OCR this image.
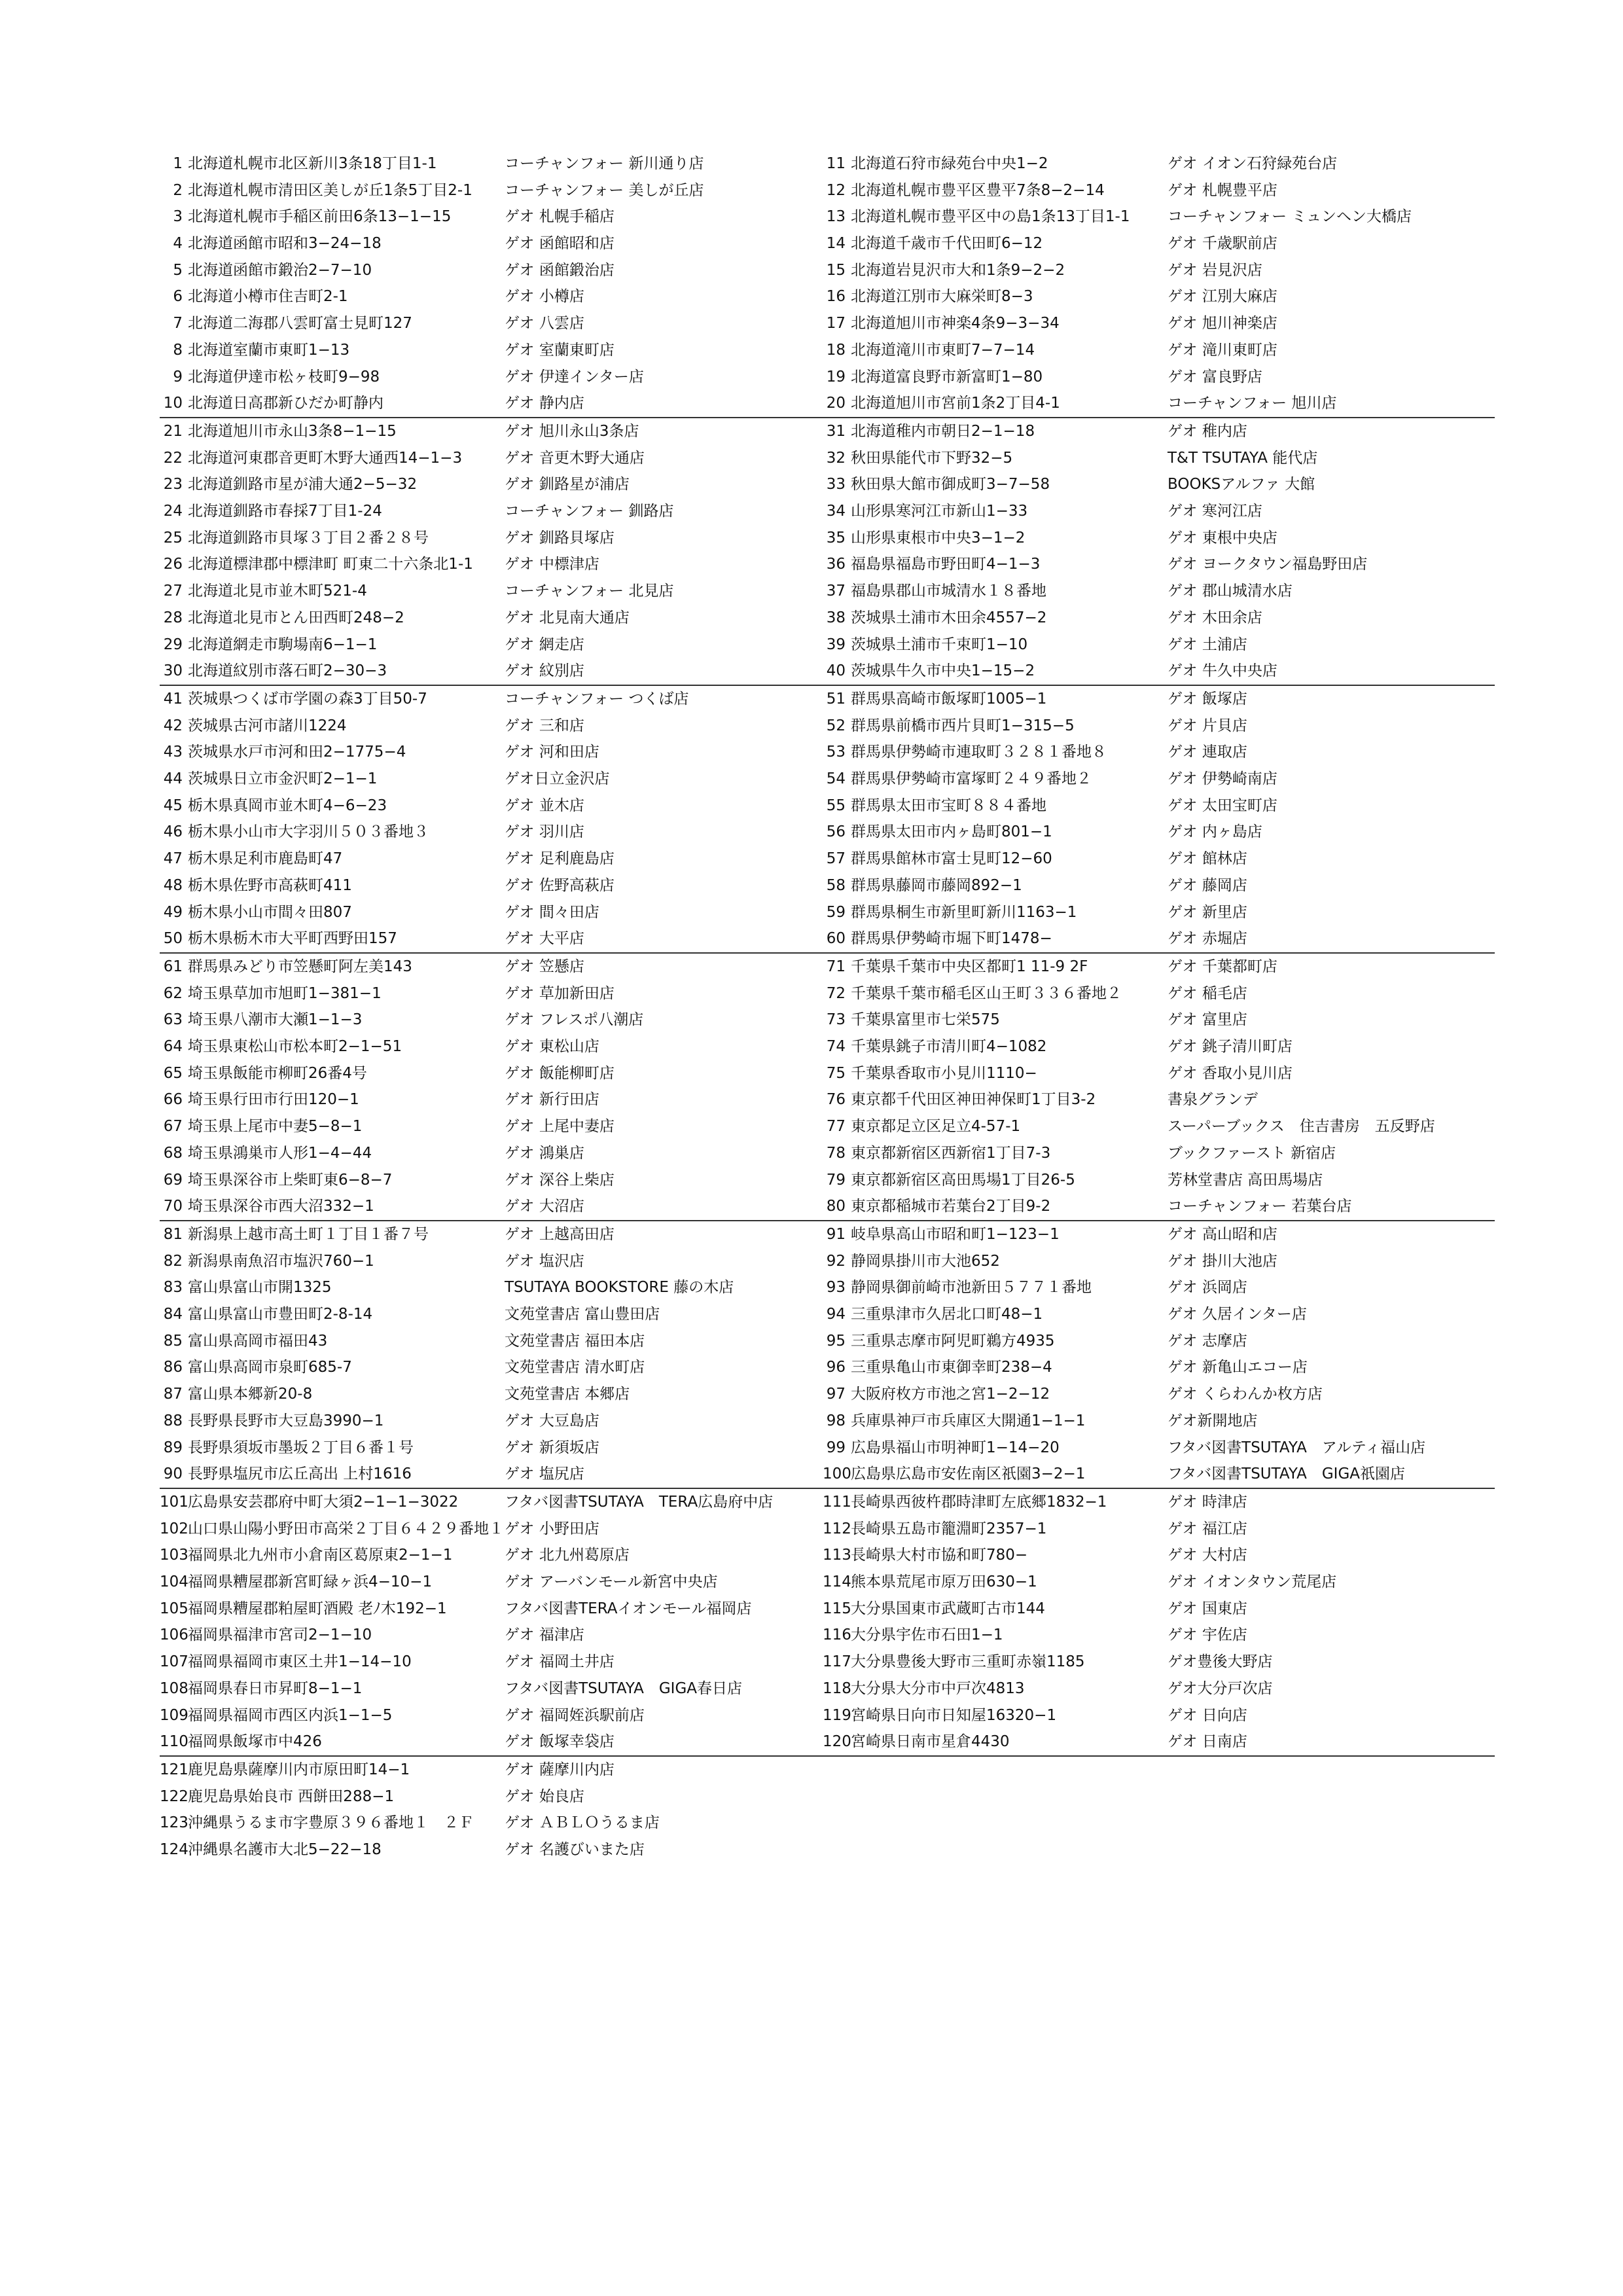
1 北海道札幌市北区新川3条18丁目1-1	コーチャンフォー 新川通り店
2 北海道札幌市清田区美しが丘1条5丁目2-1	コーチャンフォー 美しが丘店
3 北海道札幌市手稲区前田6条13−1−15	ゲオ 札幌手稲店
4 北海道函館市昭和3−24−18	ゲオ 函館昭和店
5 北海道函館市鍛治2−7−10	ゲオ 函館鍛治店
6 北海道小樽市住吉町2-1	ゲオ 小樽店
7 北海道二海郡八雲町富士見町127	ゲオ 八雲店
8 北海道室蘭市東町1−13	ゲオ 室蘭東町店
9 北海道伊達市松ヶ枝町9−98	ゲオ 伊達インター店
10 北海道日高郡新ひだか町静内	ゲオ 静内店
11 北海道石狩市緑苑台中央1−2	ゲオ イオン石狩緑苑台店
12 北海道札幌市豊平区豊平7条8−2−14	ゲオ 札幌豊平店
13 北海道札幌市豊平区中の島1条13丁目1-1	コーチャンフォー ミュンヘン大橋店
14 北海道千歳市千代田町6−12	ゲオ 千歳駅前店
15 北海道岩見沢市大和1条9−2−2	ゲオ 岩見沢店
16 北海道江別市大麻栄町8−3	ゲオ 江別大麻店
17 北海道旭川市神楽4条9−3−34	ゲオ 旭川神楽店
18 北海道滝川市東町7−7−14	ゲオ 滝川東町店
19 北海道富良野市新富町1−80	ゲオ 富良野店
20 北海道旭川市宮前1条2丁目4-1	コーチャンフォー 旭川店
21 北海道旭川市永山3条8−1−15	ゲオ 旭川永山3条店
22 北海道河東郡音更町木野大通西14−1−3	ゲオ 音更木野大通店
23 北海道釧路市星が浦大通2−5−32	ゲオ 釧路星が浦店
24 北海道釧路市春採7丁目1-24	コーチャンフォー 釧路店
25 北海道釧路市貝塚３丁目２番２８号	ゲオ 釧路貝塚店
26 北海道標津郡中標津町 町東二十六条北1-1	ゲオ 中標津店
27 北海道北見市並木町521-4	コーチャンフォー 北見店
28 北海道北見市とん田西町248−2	ゲオ 北見南大通店
29 北海道網走市駒場南6−1−1	ゲオ 網走店
30 北海道紋別市落石町2−30−3	ゲオ 紋別店
31 北海道稚内市朝日2−1−18	ゲオ 稚内店
32 秋田県能代市下野32−5	T&T TSUTAYA 能代店
33 秋田県大館市御成町3−7−58	BOOKSアルファ 大館
34 山形県寒河江市新山1−33	ゲオ 寒河江店
35 山形県東根市中央3−1−2	ゲオ 東根中央店
36 福島県福島市野田町4−1−3	ゲオ ヨークタウン福島野田店
37 福島県郡山市城清水１８番地	ゲオ 郡山城清水店
38 茨城県土浦市木田余4557−2	ゲオ 木田余店
39 茨城県土浦市千束町1−10	ゲオ 土浦店
40 茨城県牛久市中央1−15−2	ゲオ 牛久中央店
41 茨城県つくば市学園の森3丁目50-7	コーチャンフォー つくば店
42 茨城県古河市諸川1224	ゲオ 三和店
43 茨城県水戸市河和田2−1775−4	ゲオ 河和田店
44 茨城県日立市金沢町2−1−1	ゲオ日立金沢店
45 栃木県真岡市並木町4−6−23	ゲオ 並木店
46 栃木県小山市大字羽川５０３番地３	ゲオ 羽川店
47 栃木県足利市鹿島町47	ゲオ 足利鹿島店
48 栃木県佐野市高萩町411	ゲオ 佐野高萩店
49 栃木県小山市間々田807	ゲオ 間々田店
50 栃木県栃木市大平町西野田157	ゲオ 大平店
51 群馬県高崎市飯塚町1005−1	ゲオ 飯塚店
52 群馬県前橋市西片貝町1−315−5	ゲオ 片貝店
53 群馬県伊勢崎市連取町３２８１番地８	ゲオ 連取店
54 群馬県伊勢崎市富塚町２４９番地２	ゲオ 伊勢崎南店
55 群馬県太田市宝町８８４番地	ゲオ 太田宝町店
56 群馬県太田市内ヶ島町801−1	ゲオ 内ヶ島店
57 群馬県館林市富士見町12−60	ゲオ 館林店
58 群馬県藤岡市藤岡892−1	ゲオ 藤岡店
59 群馬県桐生市新里町新川1163−1	ゲオ 新里店
60 群馬県伊勢崎市堀下町1478−	ゲオ 赤堀店
61 群馬県みどり市笠懸町阿左美143	ゲオ 笠懸店
62 埼玉県草加市旭町1−381−1	ゲオ 草加新田店
63 埼玉県八潮市大瀬1−1−3	ゲオ フレスポ八潮店
64 埼玉県東松山市松本町2−1−51	ゲオ 東松山店
65 埼玉県飯能市柳町26番4号	ゲオ 飯能柳町店
66 埼玉県行田市行田120−1	ゲオ 新行田店
67 埼玉県上尾市中妻5−8−1	ゲオ 上尾中妻店
68 埼玉県鴻巣市人形1−4−44	ゲオ 鴻巣店
69 埼玉県深谷市上柴町東6−8−7	ゲオ 深谷上柴店
70 埼玉県深谷市西大沼332−1	ゲオ 大沼店
71 千葉県千葉市中央区都町1 11-9 2F	ゲオ 千葉都町店
72 千葉県千葉市稲毛区山王町３３６番地２	ゲオ 稲毛店
73 千葉県富里市七栄575	ゲオ 富里店
74 千葉県銚子市清川町4−1082	ゲオ 銚子清川町店
75 千葉県香取市小見川1110−	ゲオ 香取小見川店
76 東京都千代田区神田神保町1丁目3-2	書泉グランデ
77 東京都足立区足立4-57-1	スーパーブックス　住吉書房　五反野店
78 東京都新宿区西新宿1丁目7-3	ブックファースト 新宿店
79 東京都新宿区高田馬場1丁目26-5	芳林堂書店 高田馬場店
80 東京都稲城市若葉台2丁目9-2	コーチャンフォー 若葉台店
81 新潟県上越市高土町１丁目１番７号	ゲオ 上越高田店
82 新潟県南魚沼市塩沢760−1	ゲオ 塩沢店
83 富山県富山市開1325	TSUTAYA BOOKSTORE 藤の木店
84 富山県富山市豊田町2-8-14	文苑堂書店 富山豊田店
85 富山県高岡市福田43	文苑堂書店 福田本店
86 富山県高岡市泉町685-7	文苑堂書店 清水町店
87 富山県本郷新20-8	文苑堂書店 本郷店
88 長野県長野市大豆島3990−1	ゲオ 大豆島店
89 長野県須坂市墨坂２丁目６番１号	ゲオ 新須坂店
90 長野県塩尻市広丘高出 上村1616	ゲオ 塩尻店
91 岐阜県高山市昭和町1−123−1	ゲオ 高山昭和店
92 静岡県掛川市大池652	ゲオ 掛川大池店
93 静岡県御前崎市池新田５７７１番地	ゲオ 浜岡店
94 三重県津市久居北口町48−1	ゲオ 久居インター店
95 三重県志摩市阿児町鵜方4935	ゲオ 志摩店
96 三重県亀山市東御幸町238−4	ゲオ 新亀山エコー店
97 大阪府枚方市池之宮1−2−12	ゲオ くらわんか枚方店
98 兵庫県神戸市兵庫区大開通1−1−1	ゲオ新開地店
99 広島県福山市明神町1−14−20	フタバ図書TSUTAYA　アルティ福山店
100 広島県広島市安佐南区祇園3−2−1	フタバ図書TSUTAYA　GIGA祇園店
101 広島県安芸郡府中町大須2−1−1−3022	フタバ図書TSUTAYA　TERA広島府中店
102 山口県山陽小野田市高栄２丁目６４２９番地１ ゲオ 小野田店
103 福岡県北九州市小倉南区葛原東2−1−1	ゲオ 北九州葛原店
104 福岡県糟屋郡新宮町緑ヶ浜4−10−1	ゲオ アーバンモール新宮中央店
105 福岡県糟屋郡粕屋町酒殿 老ﾉ木192−1	フタバ図書TERAイオンモール福岡店
106 福岡県福津市宮司2−1−10	ゲオ 福津店
107 福岡県福岡市東区土井1−14−10	ゲオ 福岡土井店
108 福岡県春日市昇町8−1−1	フタバ図書TSUTAYA　GIGA春日店
109 福岡県福岡市西区内浜1−1−5	ゲオ 福岡姪浜駅前店
110 福岡県飯塚市中426	ゲオ 飯塚幸袋店
111 長崎県西彼杵郡時津町左底郷1832−1	ゲオ 時津店
112 長崎県五島市籠淵町2357−1	ゲオ 福江店
113 長崎県大村市協和町780−	ゲオ 大村店
114 熊本県荒尾市原万田630−1	ゲオ イオンタウン荒尾店
115 大分県国東市武蔵町古市144	ゲオ 国東店
116 大分県宇佐市石田1−1	ゲオ 宇佐店
117 大分県豊後大野市三重町赤嶺1185	ゲオ豊後大野店
118 大分県大分市中戸次4813	ゲオ大分戸次店
119 宮崎県日向市日知屋16320−1	ゲオ 日向店
120 宮崎県日南市星倉4430	ゲオ 日南店
121 鹿児島県薩摩川内市原田町14−1	ゲオ 薩摩川内店
122 鹿児島県始良市 西餅田288−1	ゲオ 始良店
123 沖縄県うるま市字豊原３９６番地１　２Ｆ	ゲオ ＡＢＬＯうるま店
124 沖縄県名護市大北5−22−18	ゲオ 名護びいまた店
